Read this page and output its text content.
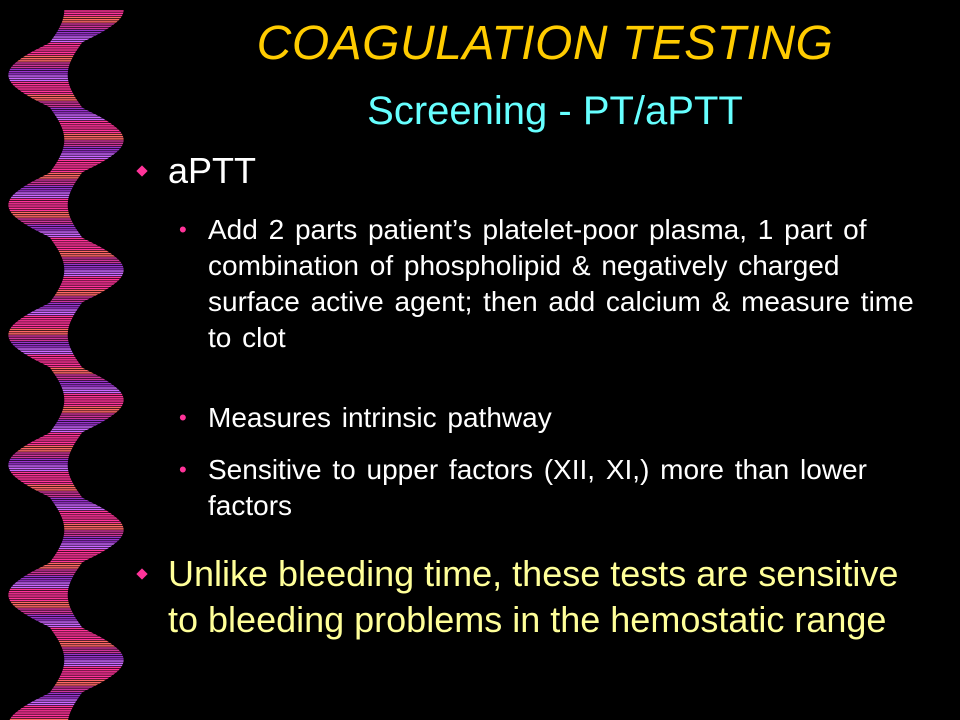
COAGULATION TESTING
Screening - PT/aPTT
aPTT
• Add 2 parts patient’s platelet-poor plasma, 1 part of combination of phospholipid & negatively charged surface active agent; then add calcium & measure time to clot
• Measures intrinsic pathway
• Sensitive to upper factors (XII, XI,) more than lower factors
Unlike bleeding time, these tests are sensitive to bleeding problems in the hemostatic range
